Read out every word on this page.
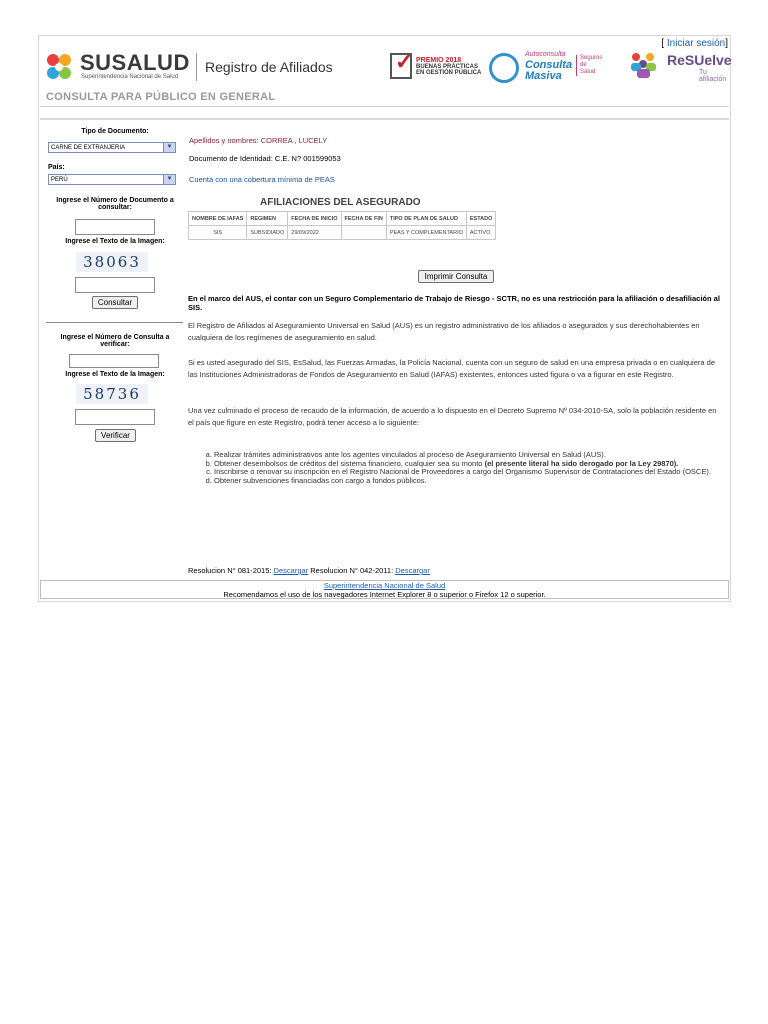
[ Iniciar sesión]
SUSALUD
Superintendencia Nacional de Salud
Registro de Afiliados	✓ PREMIO 2018
BUENAS PRÁCTICAS
EN GESTIÓN PÚBLICA
Autoconsulta
Consulta
Masiva
Seguros
de
Salud
ReSUelve
Tu afiliación
CONSULTA PARA PÚBLICO EN GENERAL
Tipo de Documento:
CARNE DE EXTRANJERIA	▼
País:
PERÚ	▼
Ingrese el Número de Documento a consultar:
Ingrese el Texto de la Imagen:
38063
Consultar
Ingrese el Número de Consulta a verificar:
Ingrese el Texto de la Imagen:
58736
Verificar
Apellidos y nombres: CORREA , LUCELY
Documento de Identidad: C.E. N? 001599053
Cuenta con una cobertura mínima de PEAS
AFILIACIONES DEL ASEGURADO
NOMBRE DE IAFAS	REGIMEN	FECHA DE INICIO	FECHA DE FIN	TIPO DE PLAN DE SALUD	ESTADO
SIS	SUBSIDIADO	29/09/2022		PEAS Y COMPLEMENTARIO	ACTIVO
Imprimir Consulta
En el marco del AUS, el contar con un Seguro Complementario de Trabajo de Riesgo - SCTR, no es una restricción para la afiliación o desafiliación al SIS.
El Registro de Afiliados al Aseguramiento Universal en Salud (AUS) es un registro administrativo de los afiliados o asegurados y sus derechohabientes en cualquiera de los regímenes de aseguramiento en salud.
Si es usted asegurado del SIS, EsSalud, las Fuerzas Armadas, la Policía Nacional, cuenta con un seguro de salud en una empresa privada o en cualquiera de las Instituciones Administradoras de Fondos de Aseguramiento en Salud (IAFAS) existentes, entonces usted figura o va a figurar en este Registro.
Una vez culminado el proceso de recaudo de la información, de acuerdo a lo dispuesto en el Decreto Supremo Nº 034-2010-SA, solo la población residente en el país que figure en este Registro, podrá tener acceso a lo siguiente:
a. Realizar trámites administrativos ante los agentes vinculados al proceso de Aseguramiento Universal en Salud (AUS).
b. Obtener desembolsos de créditos del sistema financiero, cualquier sea su monto (el presente literal ha sido derogado por la Ley 29870).
c. Inscribirse o renovar su inscripción en el Registro Nacional de Proveedores a cargo del Organismo Supervisor de Contrataciones del Estado (OSCE).
d. Obtener subvenciones financiadas con cargo a fondos públicos.
Resolucion N° 081-2015: Descargar Resolucion N° 042-2011: Descargar
Superintendencia Nacional de Salud
Recomendamos el uso de los navegadores Internet Explorer 8 o superior o Firefox 12 o superior.
